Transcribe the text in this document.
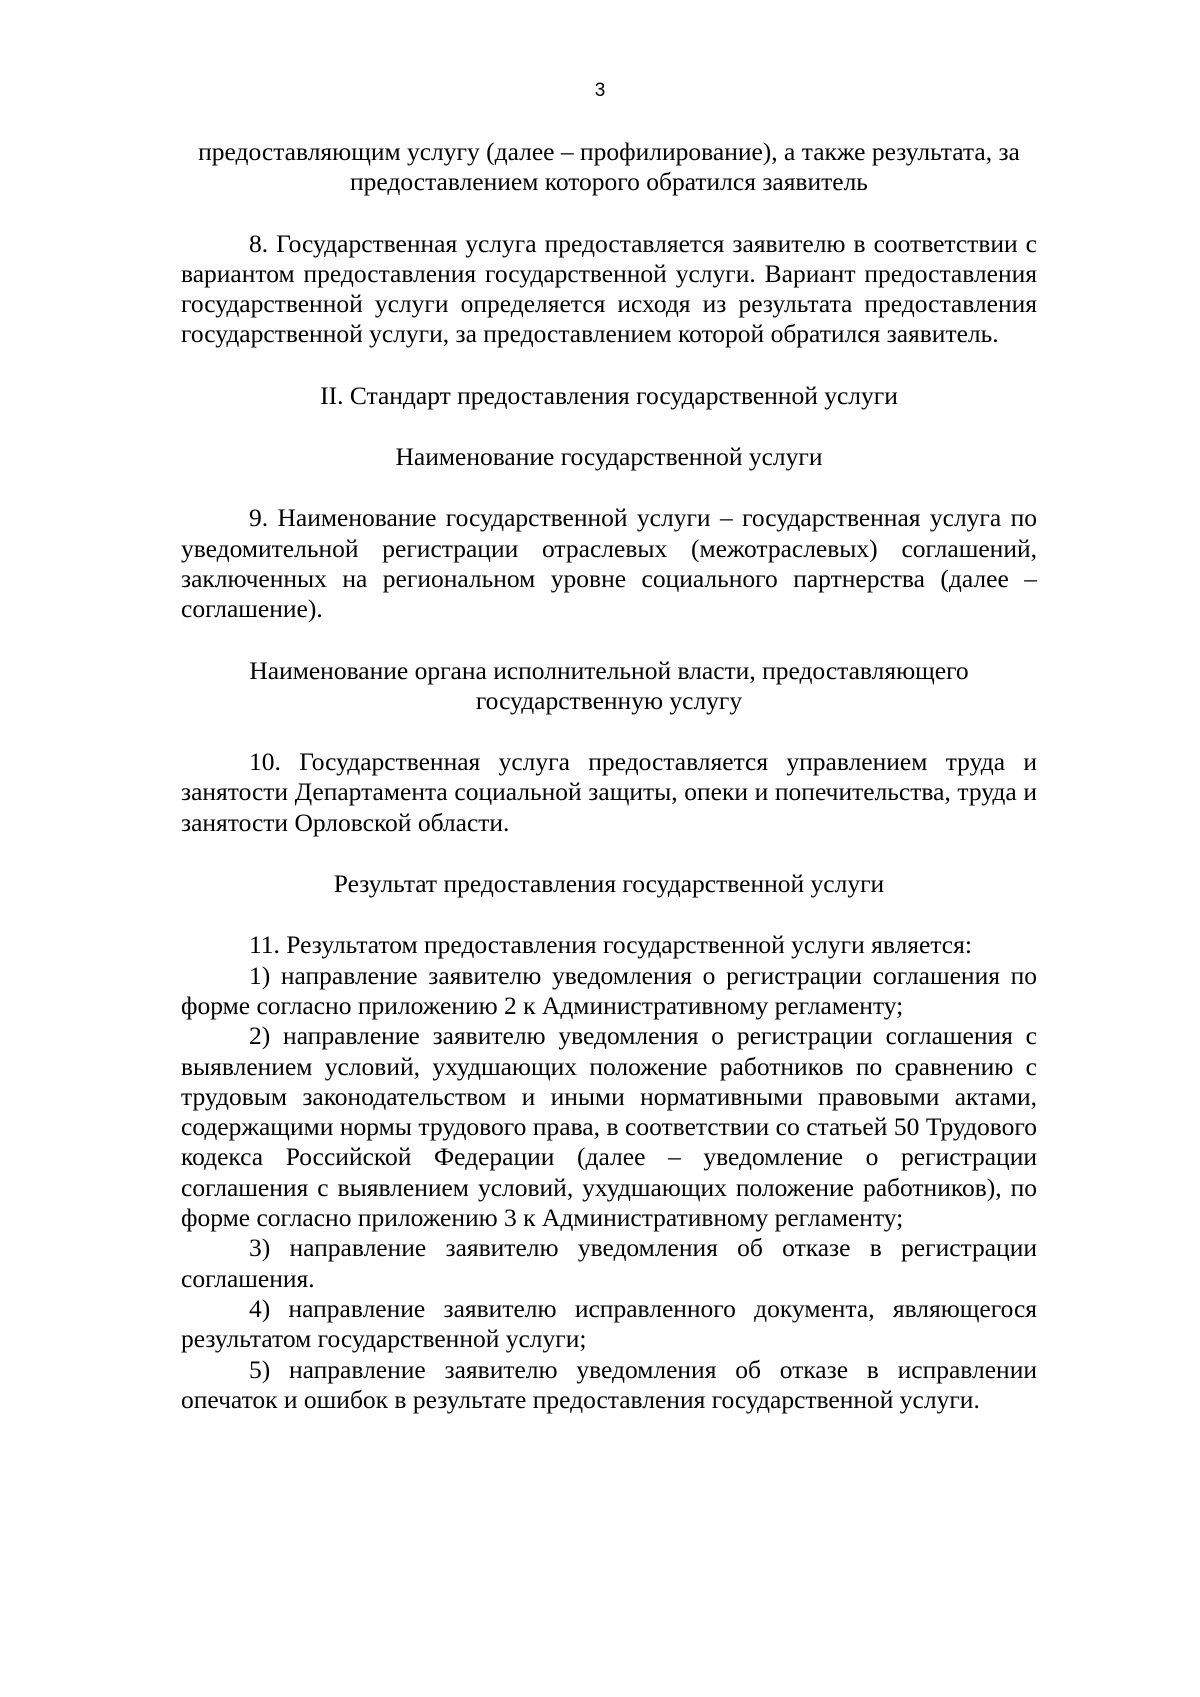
3

предоставляющим услугу (далее – профилирование), а также результата, за

предоставлением которого обратился заявитель

8. Государственная услуга предоставляется заявителю в соответствии с вариантом предоставления государственной услуги. Вариант предоставления государственной услуги определяется исходя из результата предоставления государственной услуги, за предоставлением которой обратился заявитель.

II. Стандарт предоставления государственной услуги

Наименование государственной услуги

9. Наименование государственной услуги – государственная услуга по уведомительной регистрации отраслевых (межотраслевых) соглашений, заключенных на региональном уровне социального партнерства (далее – соглашение).

Наименование органа исполнительной власти, предоставляющего

государственную услугу

10. Государственная услуга предоставляется управлением труда и занятости Департамента социальной защиты, опеки и попечительства, труда и занятости Орловской области.

Результат предоставления государственной услуги

11. Результатом предоставления государственной услуги является:

1) направление заявителю уведомления о регистрации соглашения по форме согласно приложению 2 к Административному регламенту;

2) направление заявителю уведомления о регистрации соглашения с выявлением условий, ухудшающих положение работников по сравнению с трудовым законодательством и иными нормативными правовыми актами, содержащими нормы трудового права, в соответствии со статьей 50 Трудового кодекса Российской Федерации (далее – уведомление о регистрации соглашения с выявлением условий, ухудшающих положение работников), по форме согласно приложению 3 к Административному регламенту;

3) направление заявителю уведомления об отказе в регистрации соглашения.

4) направление заявителю исправленного документа, являющегося результатом государственной услуги;

5) направление заявителю уведомления об отказе в исправлении опечаток и ошибок в результате предоставления государственной услуги.
